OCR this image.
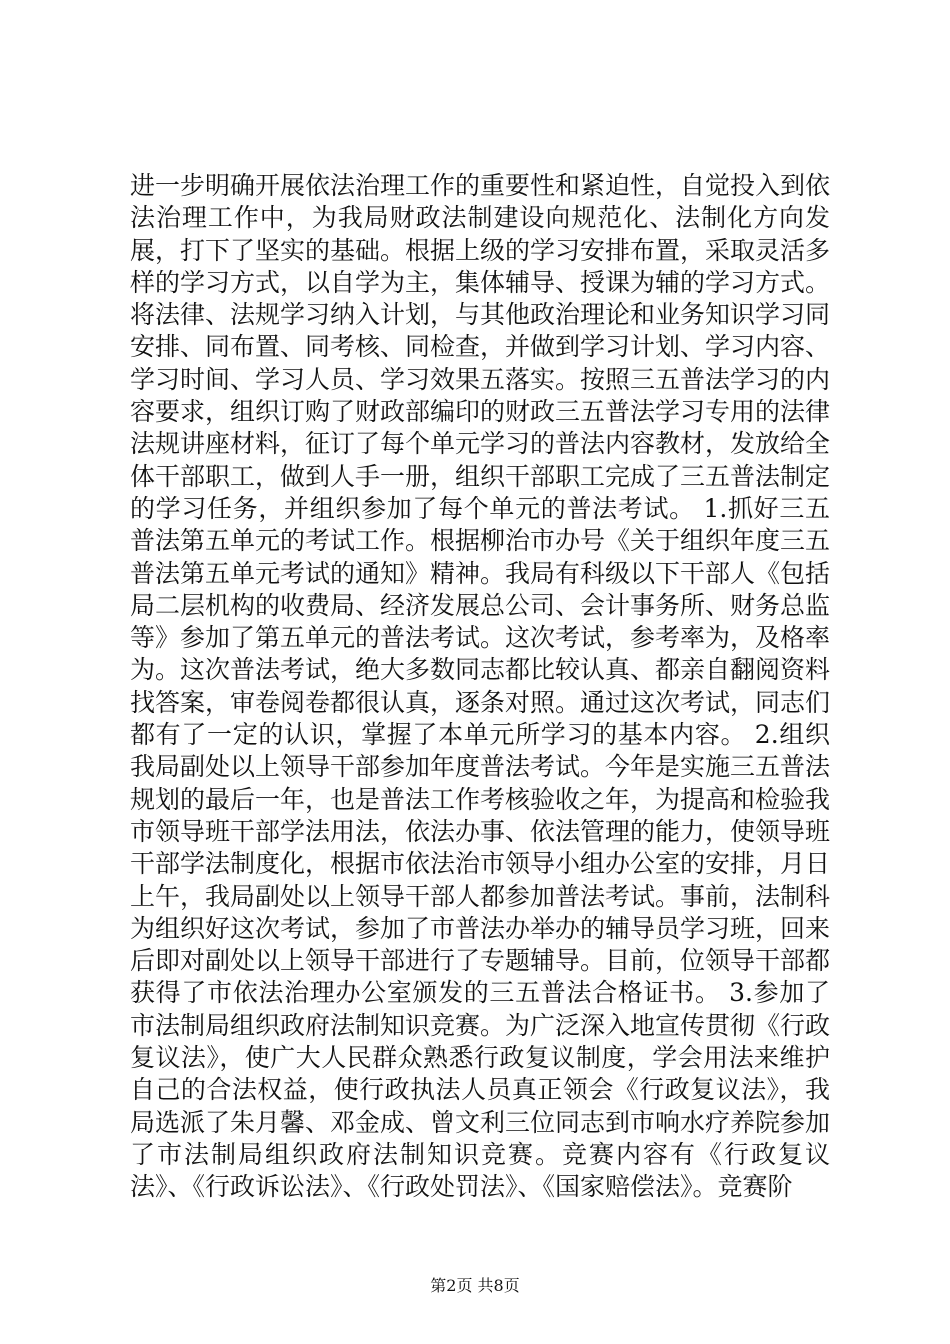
进一步明确开展依法治理工作的重要性和紧迫性，自觉投入到依法治理工作中，为我局财政法制建设向规范化、法制化方向发展，打下了坚实的基础。根据上级的学习安排布置，采取灵活多样的学习方式，以自学为主，集体辅导、授课为辅的学习方式。将法律、法规学习纳入计划，与其他政治理论和业务知识学习同安排、同布置、同考核、同检查，并做到学习计划、学习内容、学习时间、学习人员、学习效果五落实。按照三五普法学习的内容要求，组织订购了财政部编印的财政三五普法学习专用的法律法规讲座材料，征订了每个单元学习的普法内容教材，发放给全体干部职工，做到人手一册，组织干部职工完成了三五普法制定的学习任务，并组织参加了每个单元的普法考试。 1.抓好三五普法第五单元的考试工作。根据柳治市办号《关于组织年度三五普法第五单元考试的通知》精神。我局有科级以下干部人《包括局二层机构的收费局、经济发展总公司、会计事务所、财务总监等》参加了第五单元的普法考试。这次考试，参考率为，及格率为。这次普法考试，绝大多数同志都比较认真、都亲自翻阅资料找答案，审卷阅卷都很认真，逐条对照。通过这次考试，同志们都有了一定的认识，掌握了本单元所学习的基本内容。 2.组织我局副处以上领导干部参加年度普法考试。今年是实施三五普法规划的最后一年，也是普法工作考核验收之年，为提高和检验我市领导班干部学法用法，依法办事、依法管理的能力，使领导班干部学法制度化，根据市依法治市领导小组办公室的安排，月日上午，我局副处以上领导干部人都参加普法考试。事前，法制科为组织好这次考试，参加了市普法办举办的辅导员学习班，回来后即对副处以上领导干部进行了专题辅导。目前，位领导干部都获得了市依法治理办公室颁发的三五普法合格证书。 3.参加了市法制局组织政府法制知识竞赛。为广泛深入地宣传贯彻《行政复议法》，使广大人民群众熟悉行政复议制度，学会用法来维护自己的合法权益，使行政执法人员真正领会《行政复议法》，我局选派了朱月馨、邓金成、曾文利三位同志到市响水疗养院参加了市法制局组织政府法制知识竞赛。竞赛内容有《行政复议法》、《行政诉讼法》、《行政处罚法》、《国家赔偿法》。竞赛阶

第2页 共8页
